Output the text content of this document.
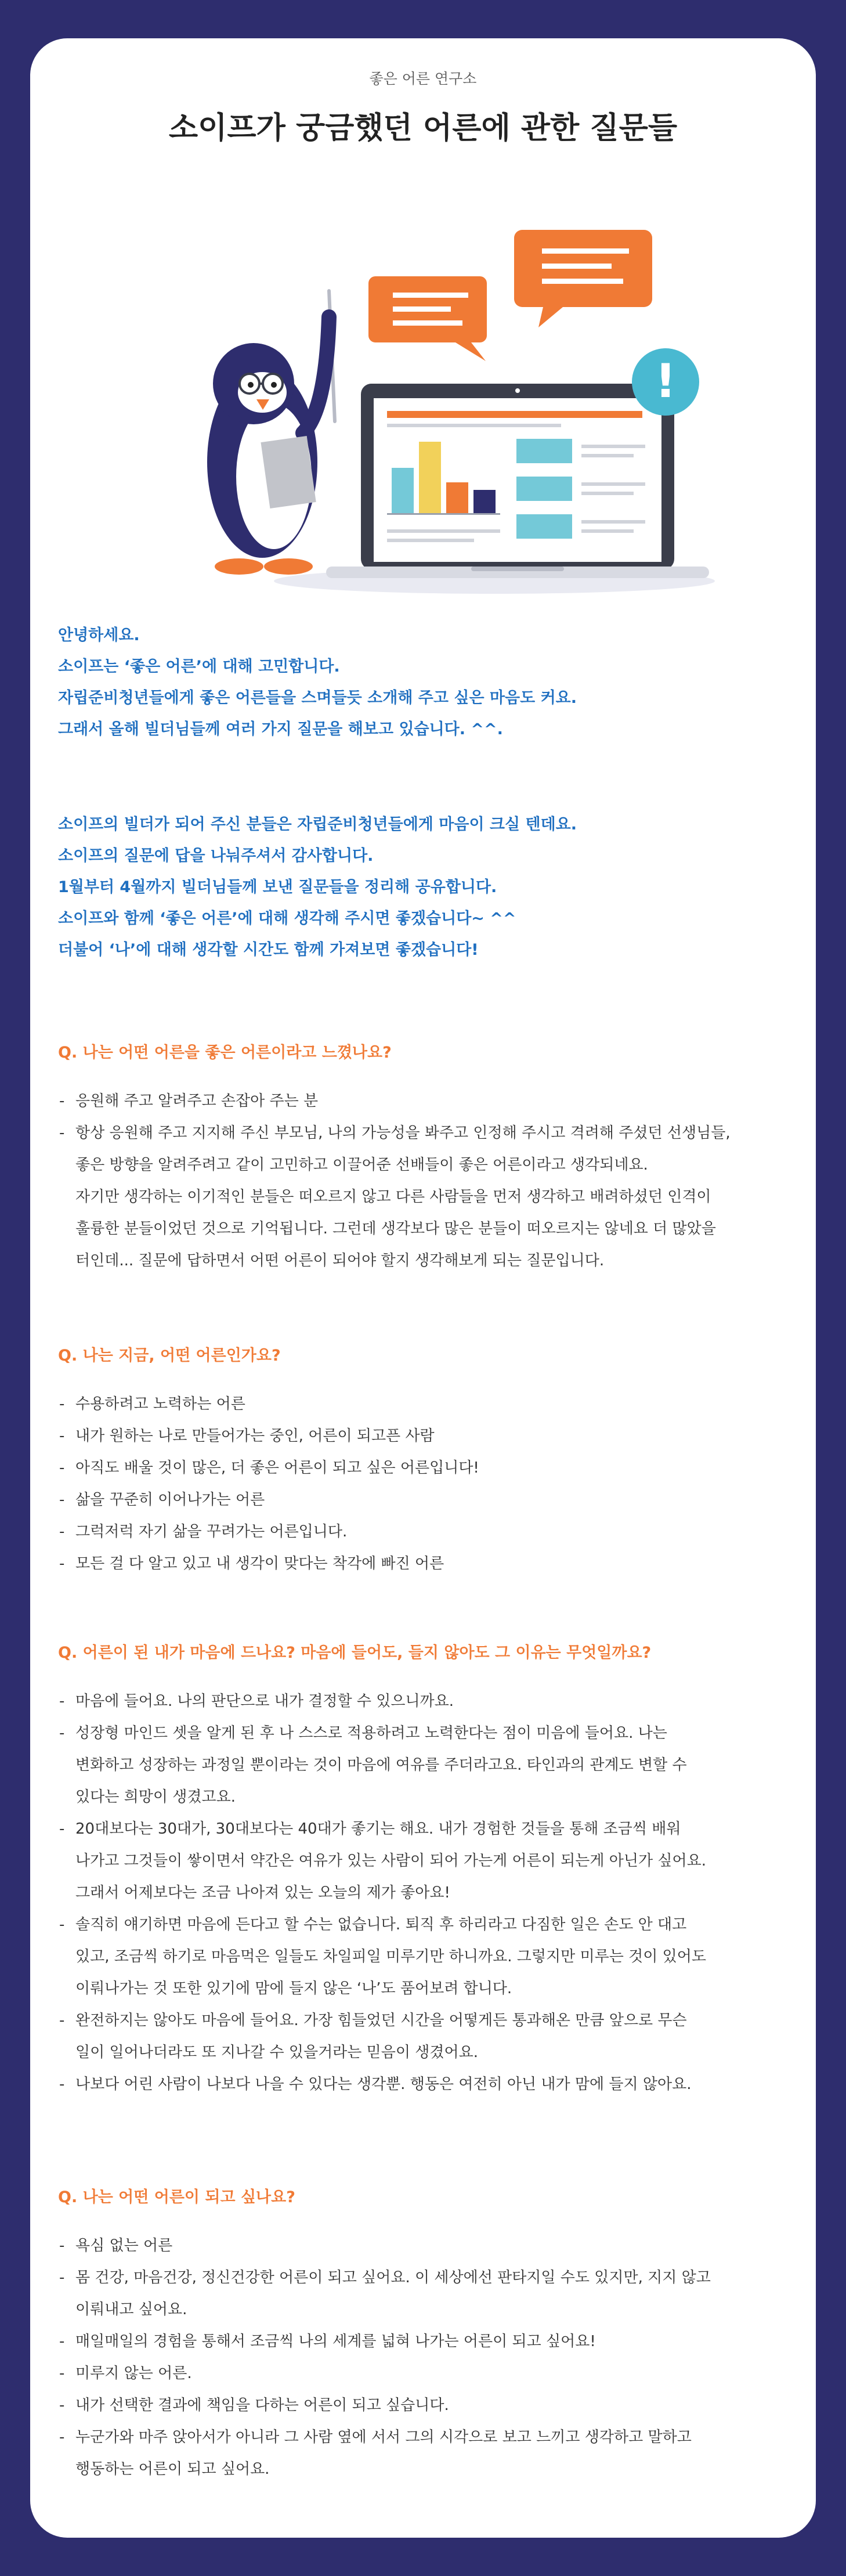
좋은 어른 연구소
소이프가 궁금했던 어른에 관한 질문들
!

안녕하세요.

소이프는 ‘좋은 어른’에 대해 고민합니다.

자립준비청년들에게 좋은 어른들을 스며들듯 소개해 주고 싶은 마음도 커요.

그래서 올해 빌더님들께 여러 가지 질문을 해보고 있습니다. ^^.

소이프의 빌더가 되어 주신 분들은 자립준비청년들에게 마음이 크실 텐데요.

소이프의 질문에 답을 나눠주셔서 감사합니다.

1월부터 4월까지 빌더님들께 보낸 질문들을 정리해 공유합니다.

소이프와 함께 ‘좋은 어른’에 대해 생각해 주시면 좋겠습니다~ ^^

더불어 ‘나’에 대해 생각할 시간도 함께 가져보면 좋겠습니다!

Q. 나는 어떤 어른을 좋은 어른이라고 느꼈나요?

- 응원해 주고 알려주고 손잡아 주는 분
- 항상 응원해 주고 지지해 주신 부모님, 나의 가능성을 봐주고 인정해 주시고 격려해 주셨던 선생님들,
좋은 방향을 알려주려고 같이 고민하고 이끌어준 선배들이 좋은 어른이라고 생각되네요.
자기만 생각하는 이기적인 분들은 떠오르지 않고 다른 사람들을 먼저 생각하고 배려하셨던 인격이
훌륭한 분들이었던 것으로 기억됩니다. 그런데 생각보다 많은 분들이 떠오르지는 않네요 더 많았을
터인데... 질문에 답하면서 어떤 어른이 되어야 할지 생각해보게 되는 질문입니다.

Q. 나는 지금, 어떤 어른인가요?

- 수용하려고 노력하는 어른
- 내가 원하는 나로 만들어가는 중인, 어른이 되고픈 사람
- 아직도 배울 것이 많은, 더 좋은 어른이 되고 싶은 어른입니다!
- 삶을 꾸준히 이어나가는 어른
- 그럭저럭 자기 삶을 꾸려가는 어른입니다.
- 모든 걸 다 알고 있고 내 생각이 맞다는 착각에 빠진 어른

Q. 어른이 된 내가 마음에 드나요? 마음에 들어도, 들지 않아도 그 이유는 무엇일까요?

- 마음에 들어요. 나의 판단으로 내가 결정할 수 있으니까요.
- 성장형 마인드 셋을 알게 된 후 나 스스로 적용하려고 노력한다는 점이 미음에 들어요. 나는
변화하고 성장하는 과정일 뿐이라는 것이 마음에 여유를 주더라고요. 타인과의 관계도 변할 수
있다는 희망이 생겼고요.
- 20대보다는 30대가, 30대보다는 40대가 좋기는 해요. 내가 경험한 것들을 통해 조금씩 배워
나가고 그것들이 쌓이면서 약간은 여유가 있는 사람이 되어 가는게 어른이 되는게 아닌가 싶어요.
그래서 어제보다는 조금 나아져 있는 오늘의 제가 좋아요!
- 솔직히 얘기하면 마음에 든다고 할 수는 없습니다. 퇴직 후 하리라고 다짐한 일은 손도 안 대고
있고, 조금씩 하기로 마음먹은 일들도 차일피일 미루기만 하니까요. 그렇지만 미루는 것이 있어도
이뤄나가는 것 또한 있기에 맘에 들지 않은 ‘나’도 품어보려 합니다.
- 완전하지는 않아도 마음에 들어요. 가장 힘들었던 시간을 어떻게든 통과해온 만큼 앞으로 무슨
일이 일어나더라도 또 지나갈 수 있을거라는 믿음이 생겼어요.
- 나보다 어린 사람이 나보다 나을 수 있다는 생각뿐. 행동은 여전히 아닌 내가 맘에 들지 않아요.

Q. 나는 어떤 어른이 되고 싶나요?

- 욕심 없는 어른
- 몸 건강, 마음건강, 정신건강한 어른이 되고 싶어요. 이 세상에선 판타지일 수도 있지만, 지지 않고
이뤄내고 싶어요.
- 매일매일의 경험을 통해서 조금씩 나의 세계를 넓혀 나가는 어른이 되고 싶어요!
- 미루지 않는 어른.
- 내가 선택한 결과에 책임을 다하는 어른이 되고 싶습니다.
- 누군가와 마주 앉아서가 아니라 그 사람 옆에 서서 그의 시각으로 보고 느끼고 생각하고 말하고
행동하는 어른이 되고 싶어요.
